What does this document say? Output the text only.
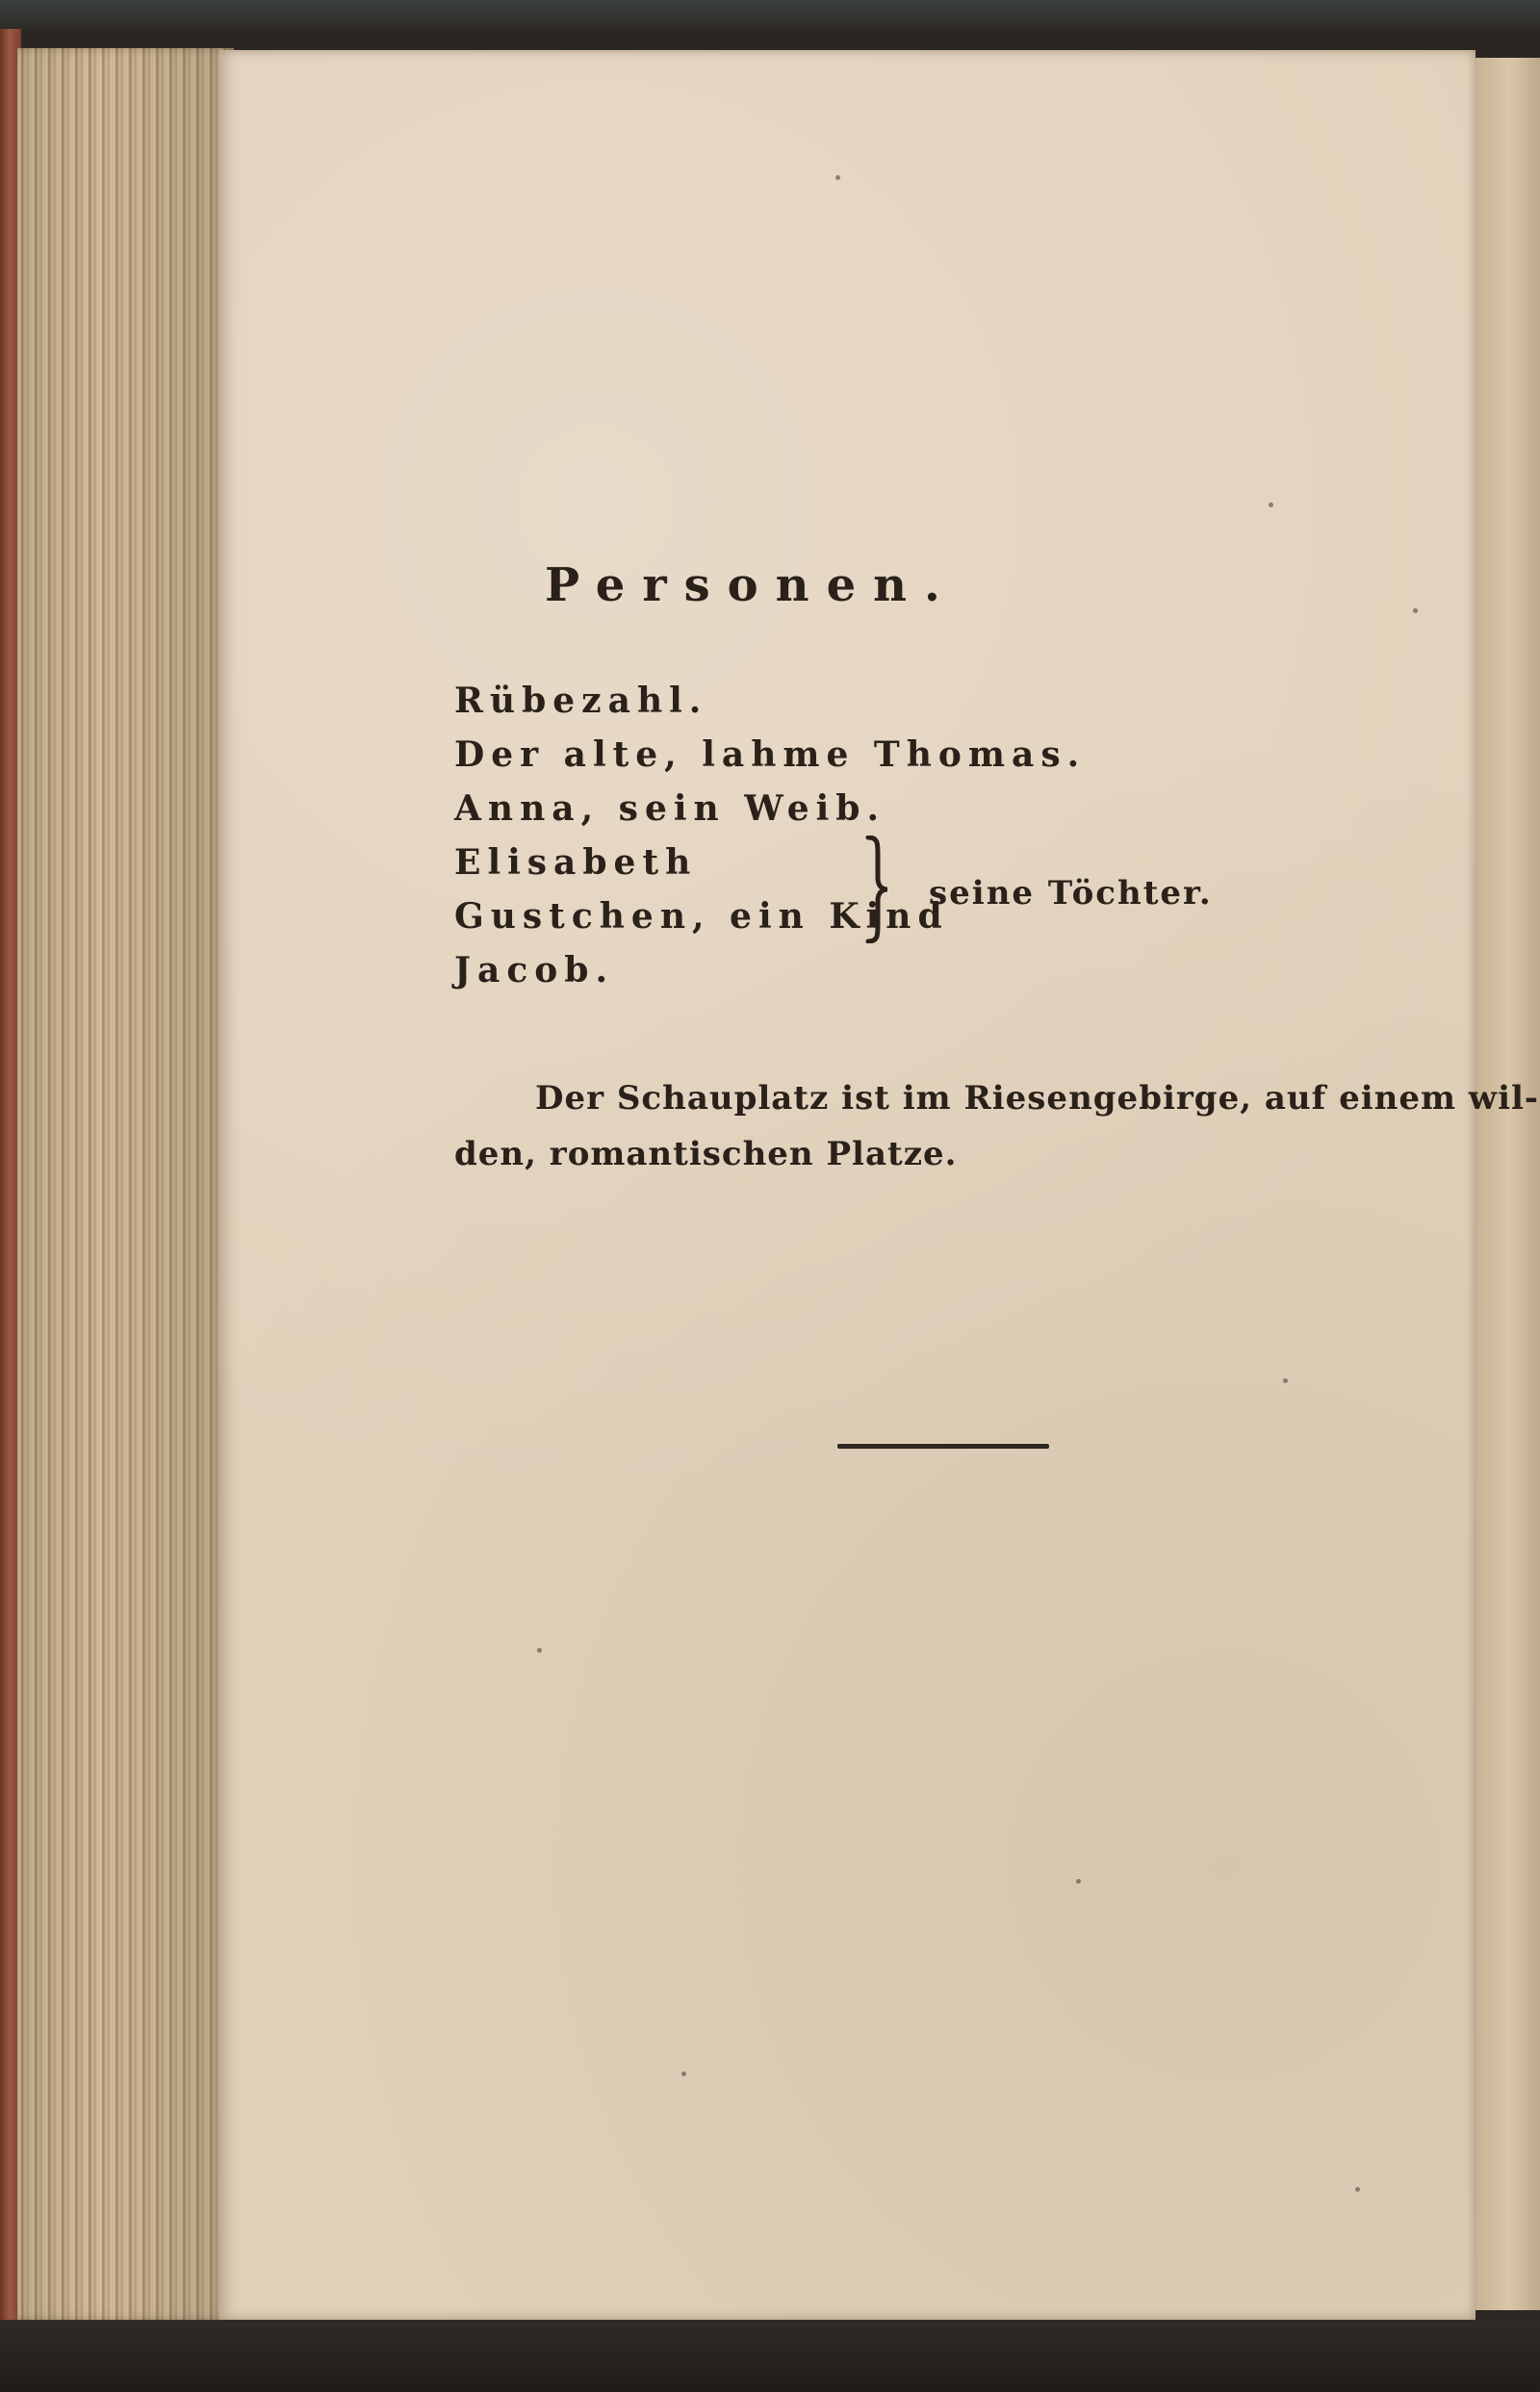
Personen.
Rübezahl.
Der alte, lahme Thomas.
Anna, sein Weib.
Elisabeth
Gustchen, ein Kind
Jacob.
seine Töchter.
Der Schauplatz ist im Riesengebirge, auf einem wil-
den, romantischen Platze.
